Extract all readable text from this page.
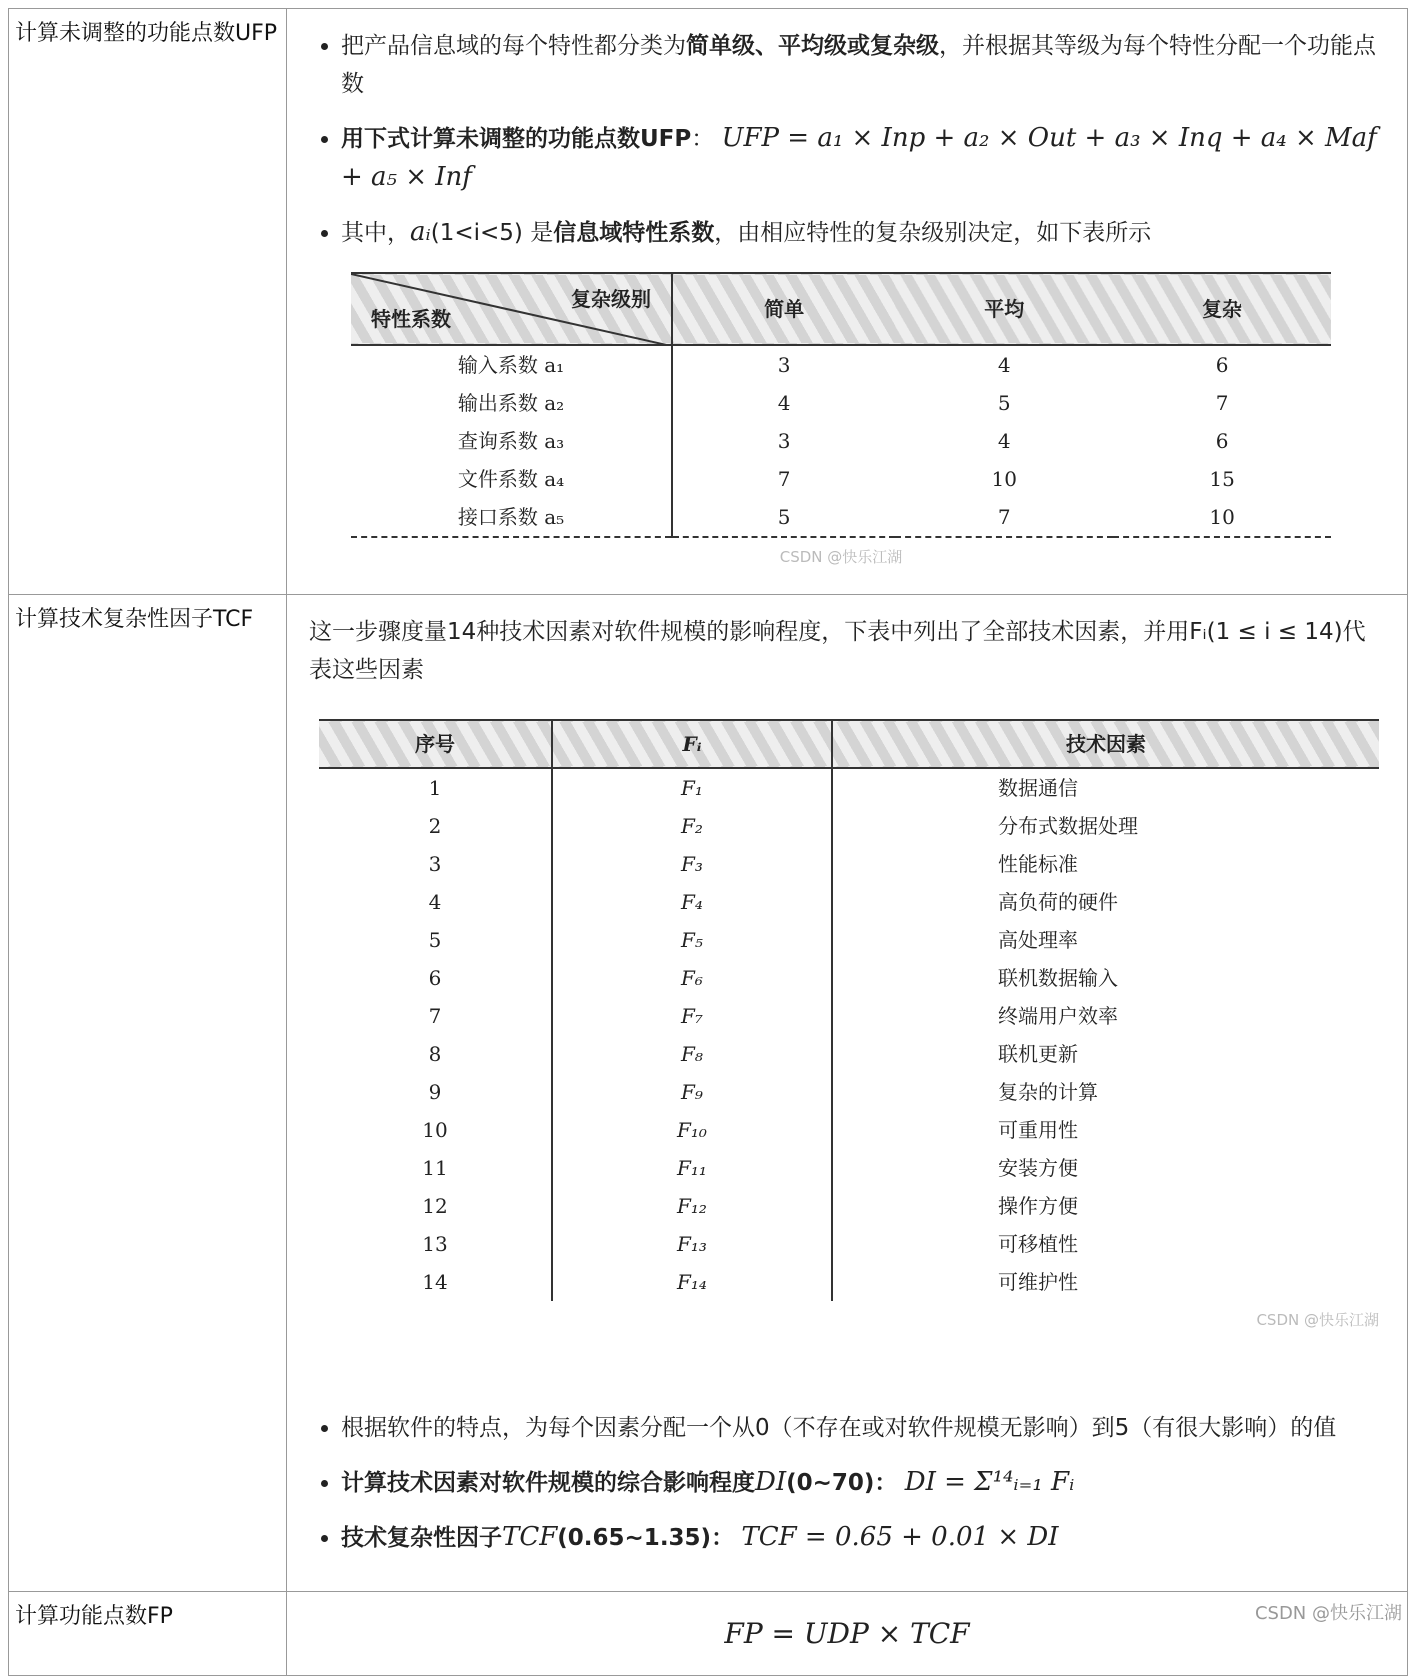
计算未调整的功能点数UFP

•把产品信息域的每个特性都分类为简单级、平均级或复杂级，并根据其等级为每个特性分配一个功能点数
• 用下式计算未调整的功能点数UFP： UFP = a₁ × Inp + a₂ × Out + a₃ × Inq + a₄ × Maf + a₅ × Inf
• 其中，aᵢ(1<i<5) 是信息域特性系数，由相应特性的复杂级别决定，如下表所示
复杂级别
特性系数	简单	平均	复杂
输入系数 a₁	3	4	6
输出系数 a₂	4	5	7
查询系数 a₃	3	4	6
文件系数 a₄	7	10	15
接口系数 a₅	5	7	10
CSDN @快乐江湖

计算技术复杂性因子TCF	这一步骤度量14种技术因素对软件规模的影响程度，下表中列出了全部技术因素，并用Fᵢ(1 ≤ i ≤ 14)代表这些因素
序号	Fᵢ	技术因素
1	F₁	数据通信
2	F₂	分布式数据处理
3	F₃	性能标准
4	F₄	高负荷的硬件
5	F₅	高处理率
6	F₆	联机数据输入
7	F₇	终端用户效率
8	F₈	联机更新
9	F₉	复杂的计算
10	F₁₀	可重用性
11	F₁₁	安装方便
12	F₁₂	操作方便
13	F₁₃	可移植性
14	F₁₄	可维护性
CSDN @快乐江湖
• 根据软件的特点，为每个因素分配一个从0（不存在或对软件规模无影响）到5（有很大影响）的值
• 计算技术因素对软件规模的综合影响程度DI(0~70)： DI = Σ¹⁴ᵢ₌₁ Fᵢ
• 技术复杂性因子TCF(0.65~1.35)： TCF = 0.65 + 0.01 × DI

计算功能点数FP
	FP = UDP × TCF
CSDN @快乐江湖
